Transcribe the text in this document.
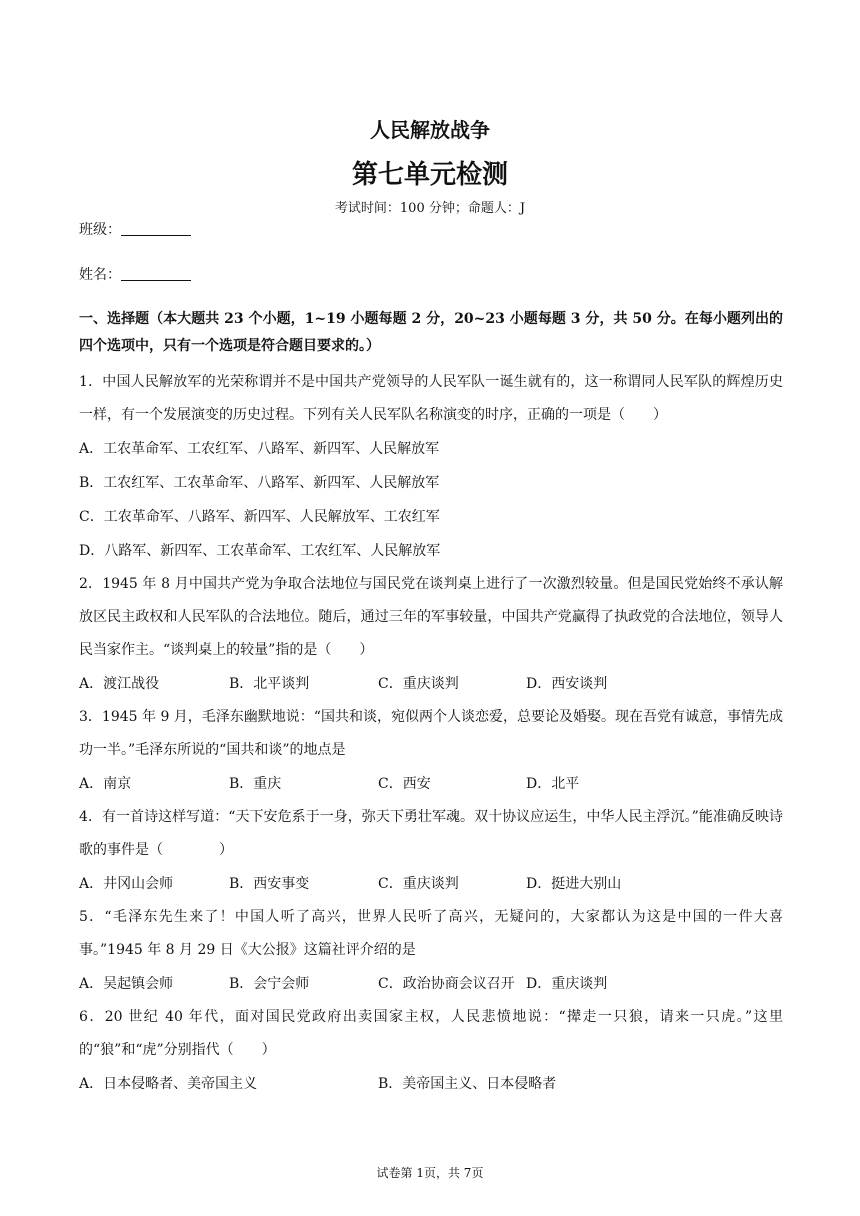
人民解放战争
第七单元检测
考试时间：100 分钟；命题人：J
班级：
姓名：
一、选择题（本大题共 23 个小题，1~19 小题每题 2 分，20~23 小题每题 3 分，共 50 分。在每小题列出的四个选项中，只有一个选项是符合题目要求的。）
1．中国人民解放军的光荣称谓并不是中国共产党领导的人民军队一诞生就有的，这一称谓同人民军队的辉煌历史一样，有一个发展演变的历史过程。下列有关人民军队名称演变的时序，正确的一项是（　　）
A．工农革命军、工农红军、八路军、新四军、人民解放军
B．工农红军、工农革命军、八路军、新四军、人民解放军
C．工农革命军、八路军、新四军、人民解放军、工农红军
D．八路军、新四军、工农革命军、工农红军、人民解放军
2．1945 年 8 月中国共产党为争取合法地位与国民党在谈判桌上进行了一次激烈较量。但是国民党始终不承认解放区民主政权和人民军队的合法地位。随后，通过三年的军事较量，中国共产党赢得了执政党的合法地位，领导人民当家作主。“谈判桌上的较量”指的是（　　）
A．渡江战役	B．北平谈判	C．重庆谈判	D．西安谈判
3．1945 年 9 月，毛泽东幽默地说：“国共和谈，宛似两个人谈恋爱，总要论及婚娶。现在吾党有诚意，事情先成功一半。”毛泽东所说的“国共和谈”的地点是
A．南京	B．重庆	C．西安	D．北平
4．有一首诗这样写道：“天下安危系于一身，弥天下勇壮军魂。双十协议应运生，中华人民主浮沉。”能准确反映诗歌的事件是（　　　　）
A．井冈山会师	B．西安事变	C．重庆谈判	D．挺进大别山
5．“毛泽东先生来了！中国人听了高兴，世界人民听了高兴，无疑问的，大家都认为这是中国的一件大喜事。”1945 年 8 月 29 日《大公报》这篇社评介绍的是
A．吴起镇会师	B．会宁会师	C．政治协商会议召开 D．重庆谈判
6．20 世纪 40 年代，面对国民党政府出卖国家主权，人民悲愤地说：“撵走一只狼，请来一只虎。”这里的“狼”和“虎”分别指代（　　）
A．日本侵略者、美帝国主义	B．美帝国主义、日本侵略者
试卷第 1页，共 7页
